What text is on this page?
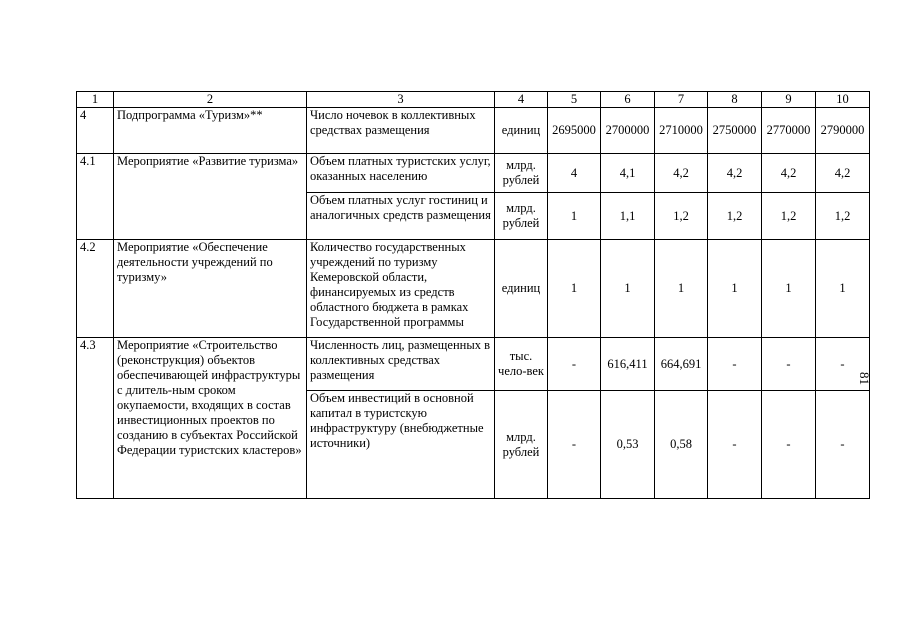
1	2	3	4	5	6	7	8	9	10
4	Подпрограмма «Туризм»**	Число ночевок в коллективных средствах размещения	единиц	2695000	2700000	2710000	2750000	2770000	2790000
4.1	Мероприятие «Развитие туризма»	Объем платных туристских услуг, оказанных населению	млрд. рублей	4	4,1	4,2	4,2	4,2	4,2
		Объем платных услуг гостиниц и аналогичных средств размещения	млрд. рублей	1	1,1	1,2	1,2	1,2	1,2
4.2	Мероприятие «Обеспечение деятельности учреждений по туризму»	Количество государственных учреждений по туризму Кемеровской области, финансируемых из средств областного бюджета в рамках Государственной программы	единиц	1	1	1	1	1	1
4.3	Мероприятие «Строительство (реконструкция) объектов обеспечивающей инфраструктуры с длитель-ным сроком окупаемости, входящих в состав инвестиционных проектов по созданию в субъектах Российской Федерации туристских кластеров»	Численность лиц, размещенных в коллективных средствах размещения	тыс. чело-век	-	616,411	664,691	-	-	-
		Объем инвестиций в основной капитал в туристскую инфраструктуру (внебюджетные источники)	млрд. рублей	-	0,53	0,58	-	-	-
81
